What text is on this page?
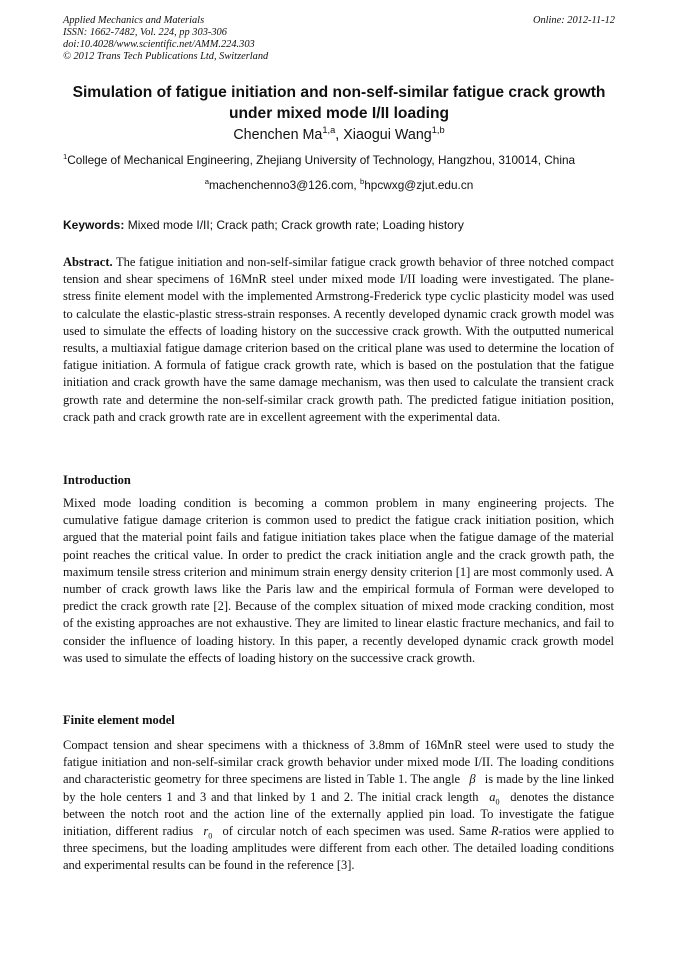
Applied Mechanics and Materials
ISSN: 1662-7482, Vol. 224, pp 303-306
doi:10.4028/www.scientific.net/AMM.224.303
© 2012 Trans Tech Publications Ltd, Switzerland
Online: 2012-11-12
Simulation of fatigue initiation and non-self-similar fatigue crack growth
under mixed mode I/II loading
Chenchen Ma$^{1,a}$, Xiaogui Wang$^{1,b}$
$^1$College of Mechanical Engineering, Zhejiang University of Technology, Hangzhou, 310014, China
$^a$machenchenno3@126.com, $^b$hpcwxg@zjut.edu.cn
Keywords: Mixed mode I/II; Crack path; Crack growth rate; Loading history
Abstract. The fatigue initiation and non-self-similar fatigue crack growth behavior of three notched compact tension and shear specimens of 16MnR steel under mixed mode I/II loading were investigated. The plane-stress finite element model with the implemented Armstrong-Frederick type cyclic plasticity model was used to calculate the elastic-plastic stress-strain responses. A recently developed dynamic crack growth model was used to simulate the effects of loading history on the successive crack growth. With the outputted numerical results, a multiaxial fatigue damage criterion based on the critical plane was used to determine the location of fatigue initiation. A formula of fatigue crack growth rate, which is based on the postulation that the fatigue initiation and crack growth have the same damage mechanism, was then used to calculate the transient crack growth rate and determine the non-self-similar crack growth path. The predicted fatigue initiation position, crack path and crack growth rate are in excellent agreement with the experimental data.
Introduction
Mixed mode loading condition is becoming a common problem in many engineering projects. The cumulative fatigue damage criterion is common used to predict the fatigue crack initiation position, which argued that the material point fails and fatigue initiation takes place when the fatigue damage of the material point reaches the critical value. In order to predict the crack initiation angle and the crack growth path, the maximum tensile stress criterion and minimum strain energy density criterion [1] are most commonly used. A number of crack growth laws like the Paris law and the empirical formula of Forman were developed to predict the crack growth rate [2]. Because of the complex situation of mixed mode cracking condition, most of the existing approaches are not exhaustive. They are limited to linear elastic fracture mechanics, and fail to consider the influence of loading history. In this paper, a recently developed dynamic crack growth model was used to simulate the effects of loading history on the successive crack growth.
Finite element model
Compact tension and shear specimens with a thickness of 3.8mm of 16MnR steel were used to study the fatigue initiation and non-self-similar crack growth behavior under mixed mode I/II. The loading conditions and characteristic geometry for three specimens are listed in Table 1. The angle β is made by the line linked by the hole centers 1 and 3 and that linked by 1 and 2. The initial crack length $a_0$ denotes the distance between the notch root and the action line of the externally applied pin load. To investigate the fatigue initiation, different radius $r_0$ of circular notch of each specimen was used. Same R-ratios were applied to three specimens, but the loading amplitudes were different from each other. The detailed loading conditions and experimental results can be found in the reference [3].
